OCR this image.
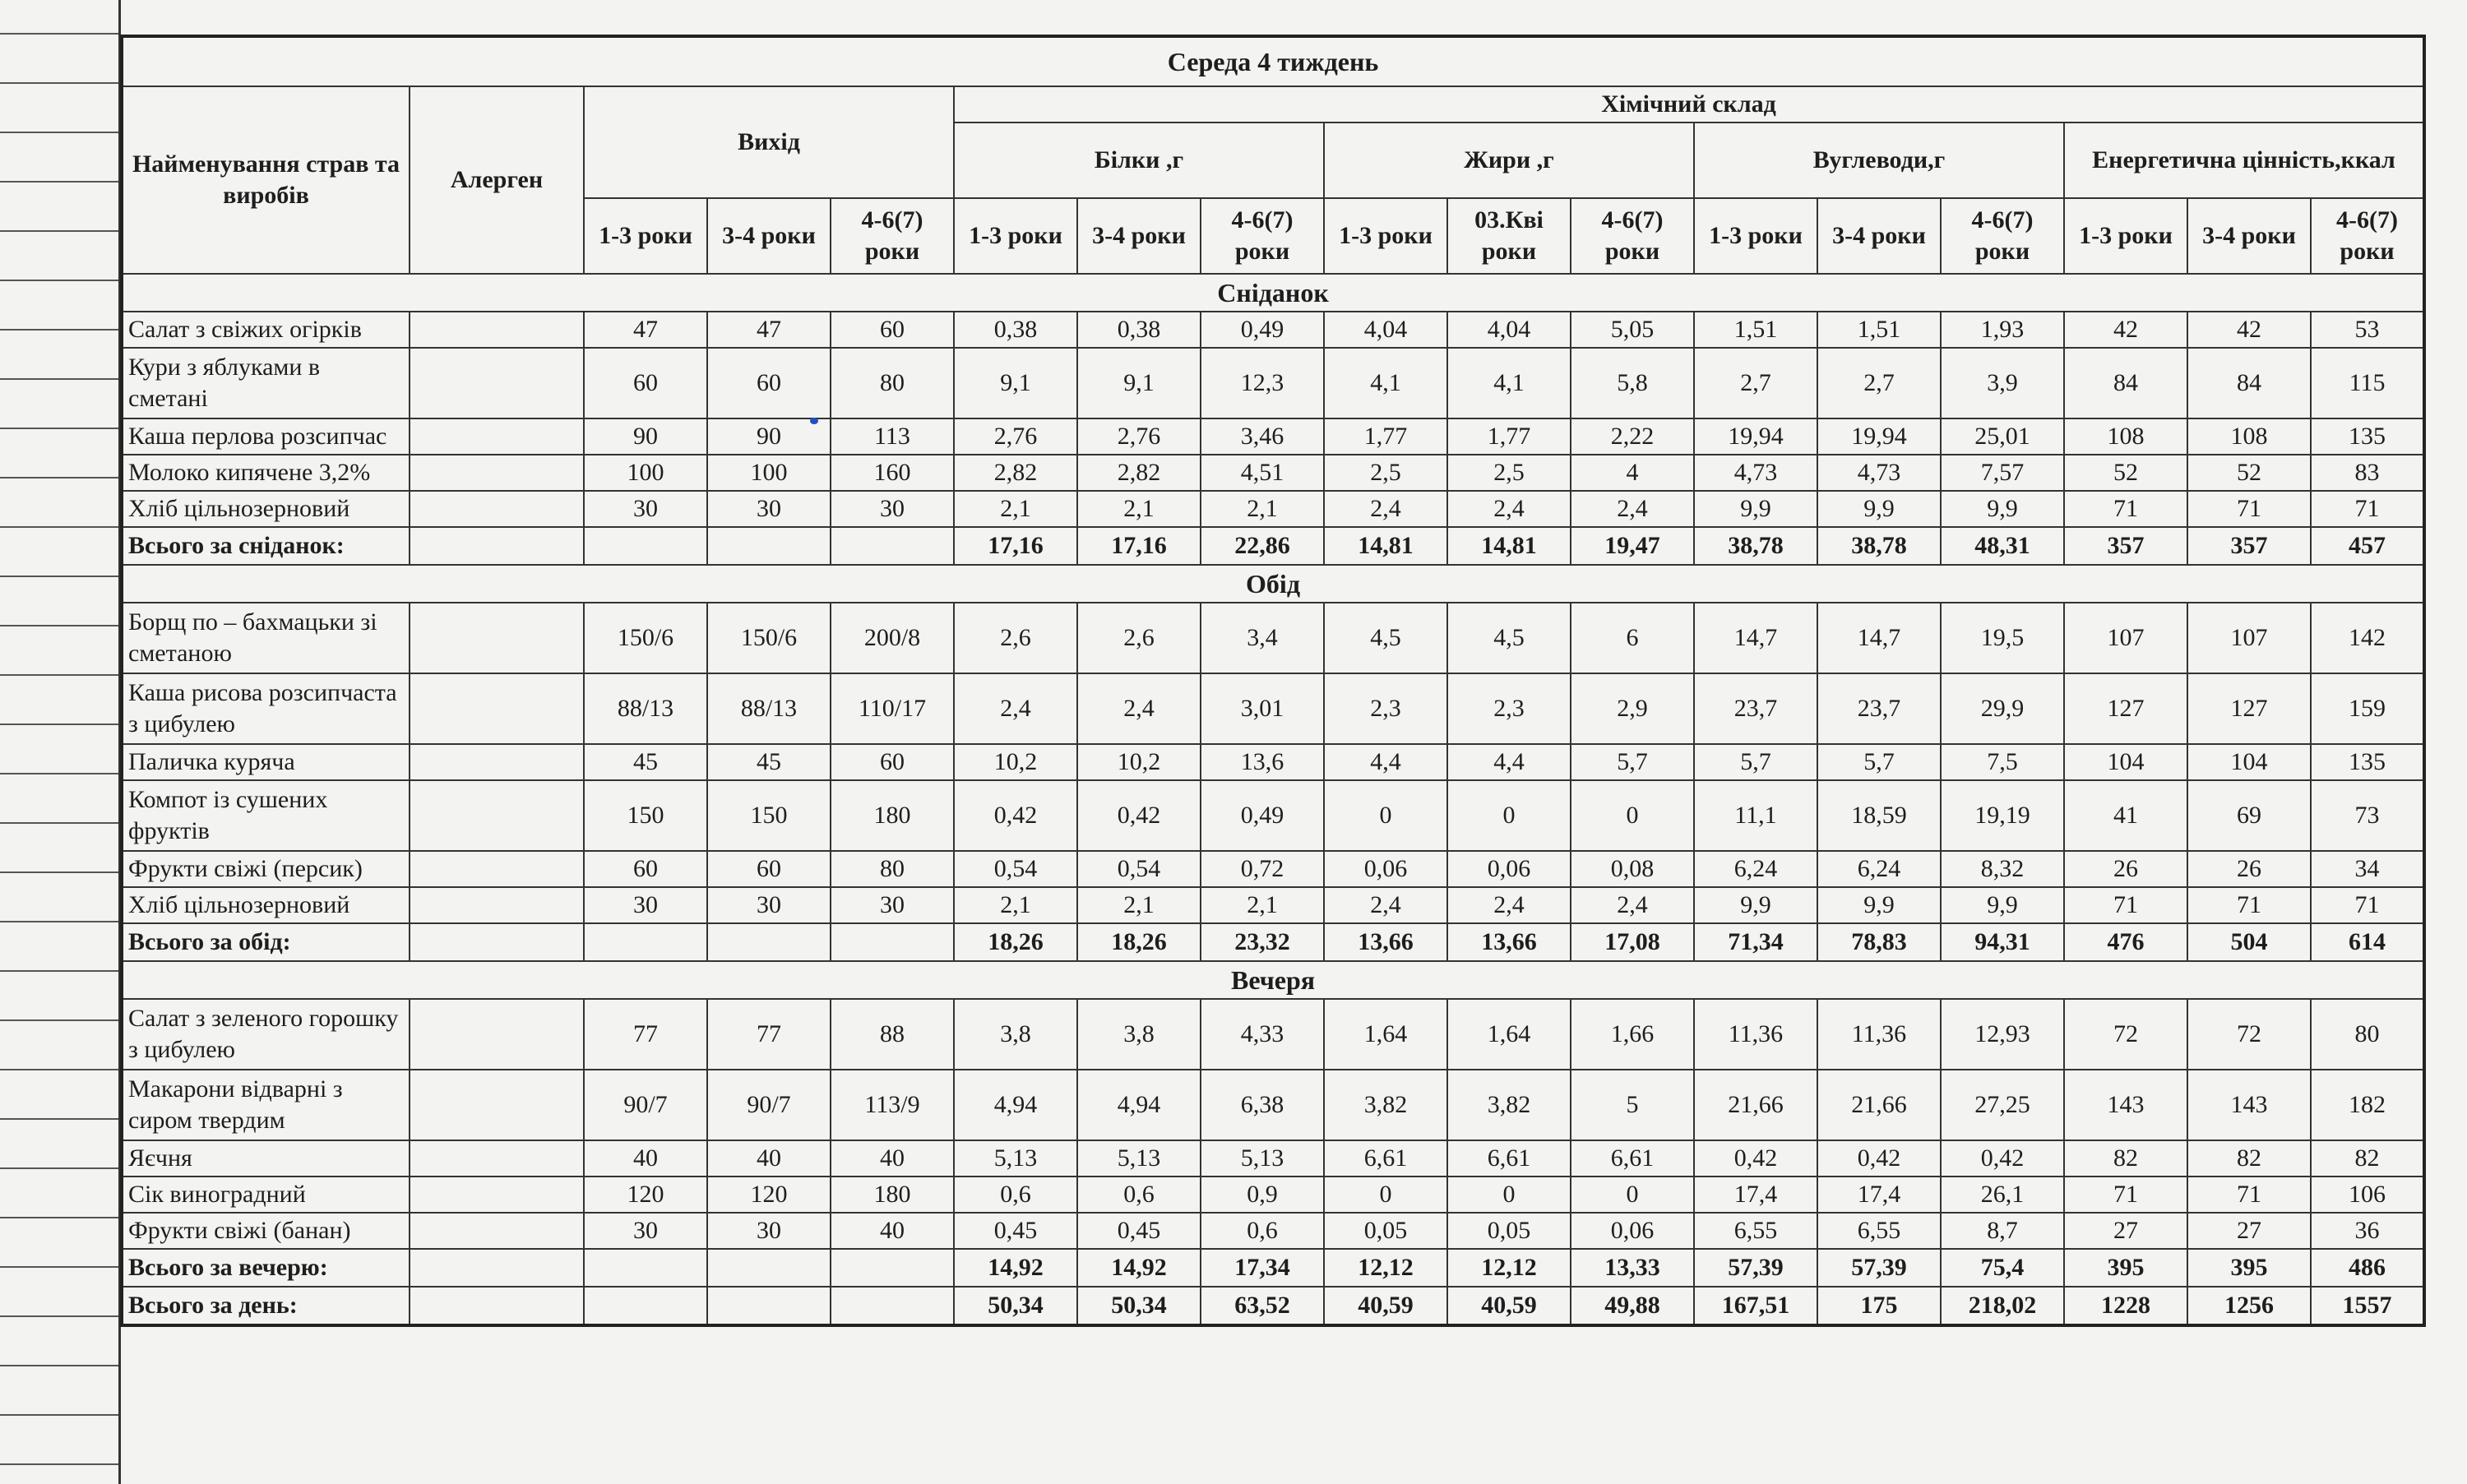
Середа 4 тиждень																
Найменування страв та виробів	Алерген	Вихід			Хімічний склад											
					Білки ,г			Жири ,г			Вуглеводи,г			Енергетична цінність,ккал		
		1-3 роки	3-4 роки	4-6(7) роки	1-3 роки	3-4 роки	4-6(7) роки	1-3 роки	03.Кві роки	4-6(7) роки	1-3 роки	3-4 роки	4-6(7) роки	1-3 роки	3-4 роки	4-6(7) роки
Сніданок																
Салат з свіжих огірків		47	47	60	0,38	0,38	0,49	4,04	4,04	5,05	1,51	1,51	1,93	42	42	53
Кури з яблуками в сметані		60	60	80	9,1	9,1	12,3	4,1	4,1	5,8	2,7	2,7	3,9	84	84	115
Каша перлова розсипчас		90	90	113	2,76	2,76	3,46	1,77	1,77	2,22	19,94	19,94	25,01	108	108	135
Молоко кипячене 3,2%		100	100	160	2,82	2,82	4,51	2,5	2,5	4	4,73	4,73	7,57	52	52	83
Хліб цільнозерновий		30	30	30	2,1	2,1	2,1	2,4	2,4	2,4	9,9	9,9	9,9	71	71	71
Всього за сніданок:					17,16	17,16	22,86	14,81	14,81	19,47	38,78	38,78	48,31	357	357	457
Обід																
Борщ по – бахмацьки зі сметаною		150/6	150/6	200/8	2,6	2,6	3,4	4,5	4,5	6	14,7	14,7	19,5	107	107	142
Каша рисова розсипчаста з цибулею		88/13	88/13	110/17	2,4	2,4	3,01	2,3	2,3	2,9	23,7	23,7	29,9	127	127	159
Паличка куряча		45	45	60	10,2	10,2	13,6	4,4	4,4	5,7	5,7	5,7	7,5	104	104	135
Компот із сушених фруктів		150	150	180	0,42	0,42	0,49	0	0	0	11,1	18,59	19,19	41	69	73
Фрукти свіжі (персик)		60	60	80	0,54	0,54	0,72	0,06	0,06	0,08	6,24	6,24	8,32	26	26	34
Хліб цільнозерновий		30	30	30	2,1	2,1	2,1	2,4	2,4	2,4	9,9	9,9	9,9	71	71	71
Всього за обід:					18,26	18,26	23,32	13,66	13,66	17,08	71,34	78,83	94,31	476	504	614
Вечеря																
Салат з зеленого горошку з цибулею		77	77	88	3,8	3,8	4,33	1,64	1,64	1,66	11,36	11,36	12,93	72	72	80
Макарони відварні з сиром твердим		90/7	90/7	113/9	4,94	4,94	6,38	3,82	3,82	5	21,66	21,66	27,25	143	143	182
Яєчня		40	40	40	5,13	5,13	5,13	6,61	6,61	6,61	0,42	0,42	0,42	82	82	82
Сік виноградний		120	120	180	0,6	0,6	0,9	0	0	0	17,4	17,4	26,1	71	71	106
Фрукти свіжі (банан)		30	30	40	0,45	0,45	0,6	0,05	0,05	0,06	6,55	6,55	8,7	27	27	36
Всього за вечерю:					14,92	14,92	17,34	12,12	12,12	13,33	57,39	57,39	75,4	395	395	486
Всього за день:					50,34	50,34	63,52	40,59	40,59	49,88	167,51	175	218,02	1228	1256	1557
